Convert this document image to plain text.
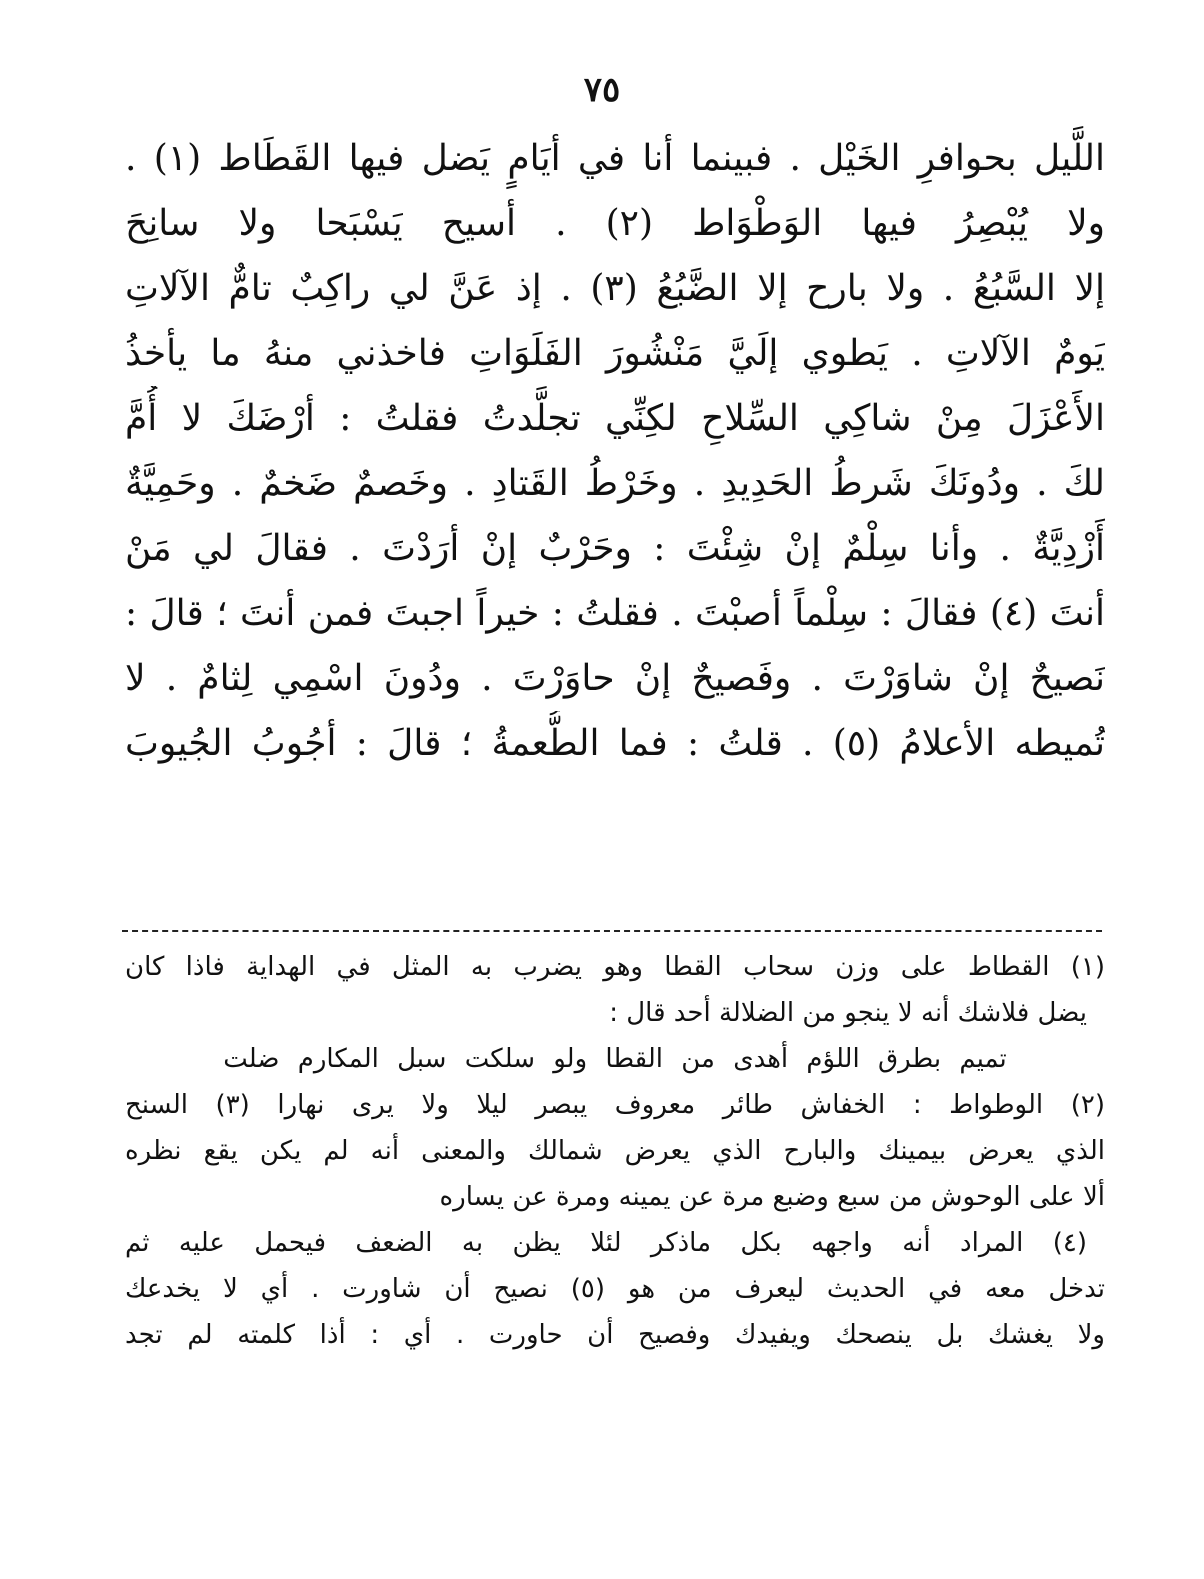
٧٥
اللَّيل بحوافرِ الخَيْل . فبينما أنا في أيَامٍ يَضل فيها القَطَاط (١) .
ولا يُبْصِرُ فيها الوَطْوَاط (٢) . أسيح يَسْبَحا ولا سانِحَ
إلا السَّبُعُ . ولا بارح إلا الضَّبُعُ (٣) . إذ عَنَّ لي راكِبٌ تامٌّ الآلاتِ
يَومٌ الآلاتِ . يَطوي إلَيَّ مَنْشُورَ الفَلَوَاتِ فاخذني منهُ ما يأخذُ
الأَعْزَلَ مِنْ شاكِي السِّلاحِ لكِنِّي تجلَّدتُ فقلتُ : أرْضَكَ لا أُمَّ
لكَ . ودُونَكَ شَرطُ الحَدِيدِ . وخَرْطُ القَتادِ . وخَصمٌ ضَخمٌ . وحَمِيَّةٌ
أَزْدِيَّةٌ . وأنا سِلْمٌ إنْ شِئْتَ : وحَرْبٌ إنْ أرَدْتَ . فقالَ لي مَنْ
أنتَ (٤) فقالَ : سِلْماً أصبْتَ . فقلتُ : خيراً اجبتَ فمن أنتَ ؛ قالَ :
نَصيحٌ إنْ شاوَرْتَ . وفَصيحٌ إنْ حاوَرْتَ . ودُونَ اسْمِي لِثامٌ . لا
تُميطه الأعلامُ (٥) . قلتُ : فما الطُّعمةُ ؛ قالَ : أجُوبُ الجُيوبَ
(١) القطاط على وزن سحاب القطا وهو يضرب به المثل في الهداية فاذا كان
يضل فلاشك أنه لا ينجو من الضلالة أحد قال :
تميم بطرق اللؤم أهدى من القطا ولو سلكت سبل المكارم ضلت
(٢) الوطواط : الخفاش طائر معروف يبصر ليلا ولا يرى نهارا (٣) السنح
الذي يعرض بيمينك والبارح الذي يعرض شمالك والمعنى أنه لم يكن يقع نظره
ألا على الوحوش من سبع وضبع مرة عن يمينه ومرة عن يساره
(٤) المراد أنه واجهه بكل ماذكر لئلا يظن به الضعف فيحمل عليه ثم
تدخل معه في الحديث ليعرف من هو (٥) نصيح أن شاورت . أي لا يخدعك
ولا يغشك بل ينصحك ويفيدك وفصيح أن حاورت . أي : أذا كلمته لم تجد
